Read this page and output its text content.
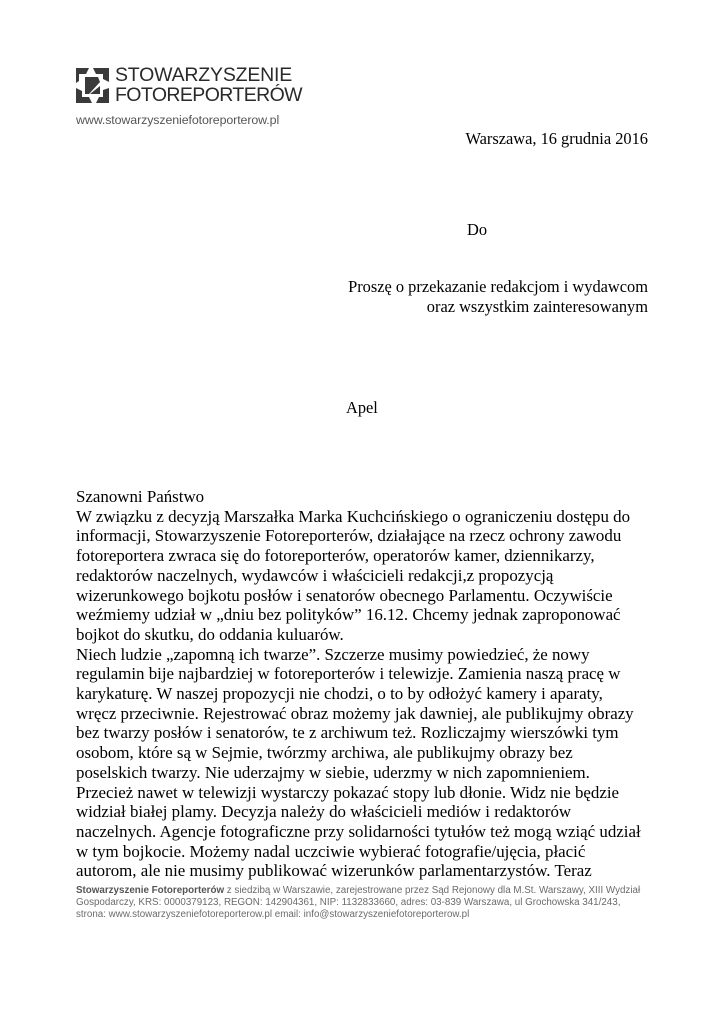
STOWARZYSZENIE
FOTOREPORTERÓW
www.stowarzyszeniefotoreporterow.pl
Warszawa, 16 grudnia 2016
Do
Proszę o przekazanie redakcjom i wydawcom
oraz wszystkim zainteresowanym
Apel
Szanowni Państwo
W związku z decyzją Marszałka Marka Kuchcińskiego o ograniczeniu dostępu do
informacji, Stowarzyszenie Fotoreporterów, działające na rzecz ochrony zawodu
fotoreportera zwraca się do fotoreporterów, operatorów kamer, dziennikarzy,
redaktorów naczelnych, wydawców i właścicieli redakcji,z propozycją
wizerunkowego bojkotu posłów i senatorów obecnego Parlamentu. Oczywiście
weźmiemy udział w „dniu bez polityków” 16.12. Chcemy jednak zaproponować
bojkot do skutku, do oddania kuluarów.
Niech ludzie „zapomną ich twarze”. Szczerze musimy powiedzieć, że nowy
regulamin bije najbardziej w fotoreporterów i telewizje. Zamienia naszą pracę w
karykaturę. W naszej propozycji nie chodzi, o to by odłożyć kamery i aparaty,
wręcz przeciwnie. Rejestrować obraz możemy jak dawniej, ale publikujmy obrazy
bez twarzy posłów i senatorów, te z archiwum też. Rozliczajmy wierszówki tym
osobom, które są w Sejmie, twórzmy archiwa, ale publikujmy obrazy bez
poselskich twarzy. Nie uderzajmy w siebie, uderzmy w nich zapomnieniem.
Przecież nawet w telewizji wystarczy pokazać stopy lub dłonie. Widz nie będzie
widział białej plamy. Decyzja należy do właścicieli mediów i redaktorów
naczelnych. Agencje fotograficzne przy solidarności tytułów też mogą wziąć udział
w tym bojkocie. Możemy nadal uczciwie wybierać fotografie/ujęcia, płacić
autorom, ale nie musimy publikować wizerunków parlamentarzystów. Teraz
Stowarzyszenie Fotoreporterów z siedzibą w Warszawie, zarejestrowane przez Sąd Rejonowy dla M.St. Warszawy, XIII Wydział
Gospodarczy, KRS: 0000379123, REGON: 142904361, NIP: 1132833660, adres: 03-839 Warszawa, ul Grochowska 341/243,
strona: www.stowarzyszeniefotoreporterow.pl email: info@stowarzyszeniefotoreporterow.pl
